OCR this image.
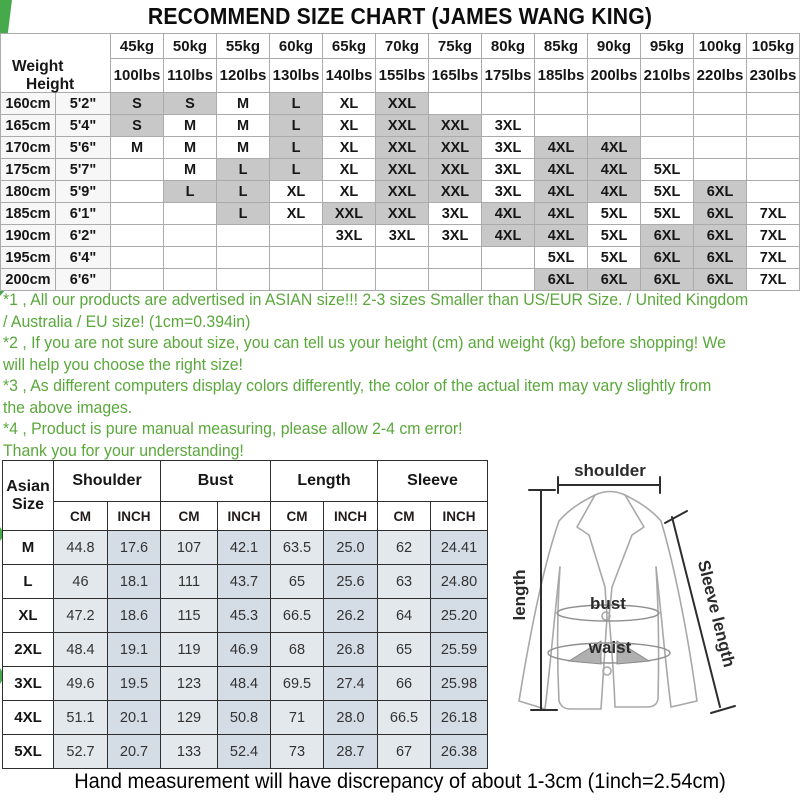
RECOMMEND SIZE CHART (JAMES WANG KING)
Weight
Height		45kg	50kg	55kg	60kg	65kg	70kg	75kg	80kg	85kg	90kg	95kg	100kg	105kg
		100lbs	110lbs	120lbs	130lbs	140lbs	155lbs	165lbs	175lbs	185lbs	200lbs	210lbs	220lbs	230lbs
160cm	5'2"	S	S	M	L	XL	XXL							
165cm	5'4"	S	M	M	L	XL	XXL	XXL	3XL					
170cm	5'6"	M	M	M	L	XL	XXL	XXL	3XL	4XL	4XL			
175cm	5'7"		M	L	L	XL	XXL	XXL	3XL	4XL	4XL	5XL		
180cm	5'9"		L	L	XL	XL	XXL	XXL	3XL	4XL	4XL	5XL	6XL	
185cm	6'1"			L	XL	XXL	XXL	3XL	4XL	4XL	5XL	5XL	6XL	7XL
190cm	6'2"					3XL	3XL	3XL	4XL	4XL	5XL	6XL	6XL	7XL
195cm	6'4"									5XL	5XL	6XL	6XL	7XL
200cm	6'6"									6XL	6XL	6XL	6XL	7XL
*1 , All our products are advertised in ASIAN size!!! 2-3 sizes Smaller than US/EUR Size. / United Kingdom
/ Australia / EU size! (1cm=0.394in)
*2 , If you are not sure about size, you can tell us your height (cm) and weight (kg) before shopping! We
will help you choose the right size!
*3 , As different computers display colors differently, the color of the actual item may vary slightly from
the above images.
*4 , Product is pure manual measuring, please allow 2-4 cm error!
Thank you for your understanding!
Asian Size	Shoulder		Bust		Length		Sleeve	
	CM	INCH	CM	INCH	CM	INCH	CM	INCH
M	44.8	17.6	107	42.1	63.5	25.0	62	24.41
L	46	18.1	111	43.7	65	25.6	63	24.80
XL	47.2	18.6	115	45.3	66.5	26.2	64	25.20
2XL	48.4	19.1	119	46.9	68	26.8	65	25.59
3XL	49.6	19.5	123	48.4	69.5	27.4	66	25.98
4XL	51.1	20.1	129	50.8	71	28.0	66.5	26.18
5XL	52.7	20.7	133	52.4	73	28.7	67	26.38
shoulder
length	Sleeve length
bust
waist
Hand measurement will have discrepancy of about 1-3cm (1inch=2.54cm)
